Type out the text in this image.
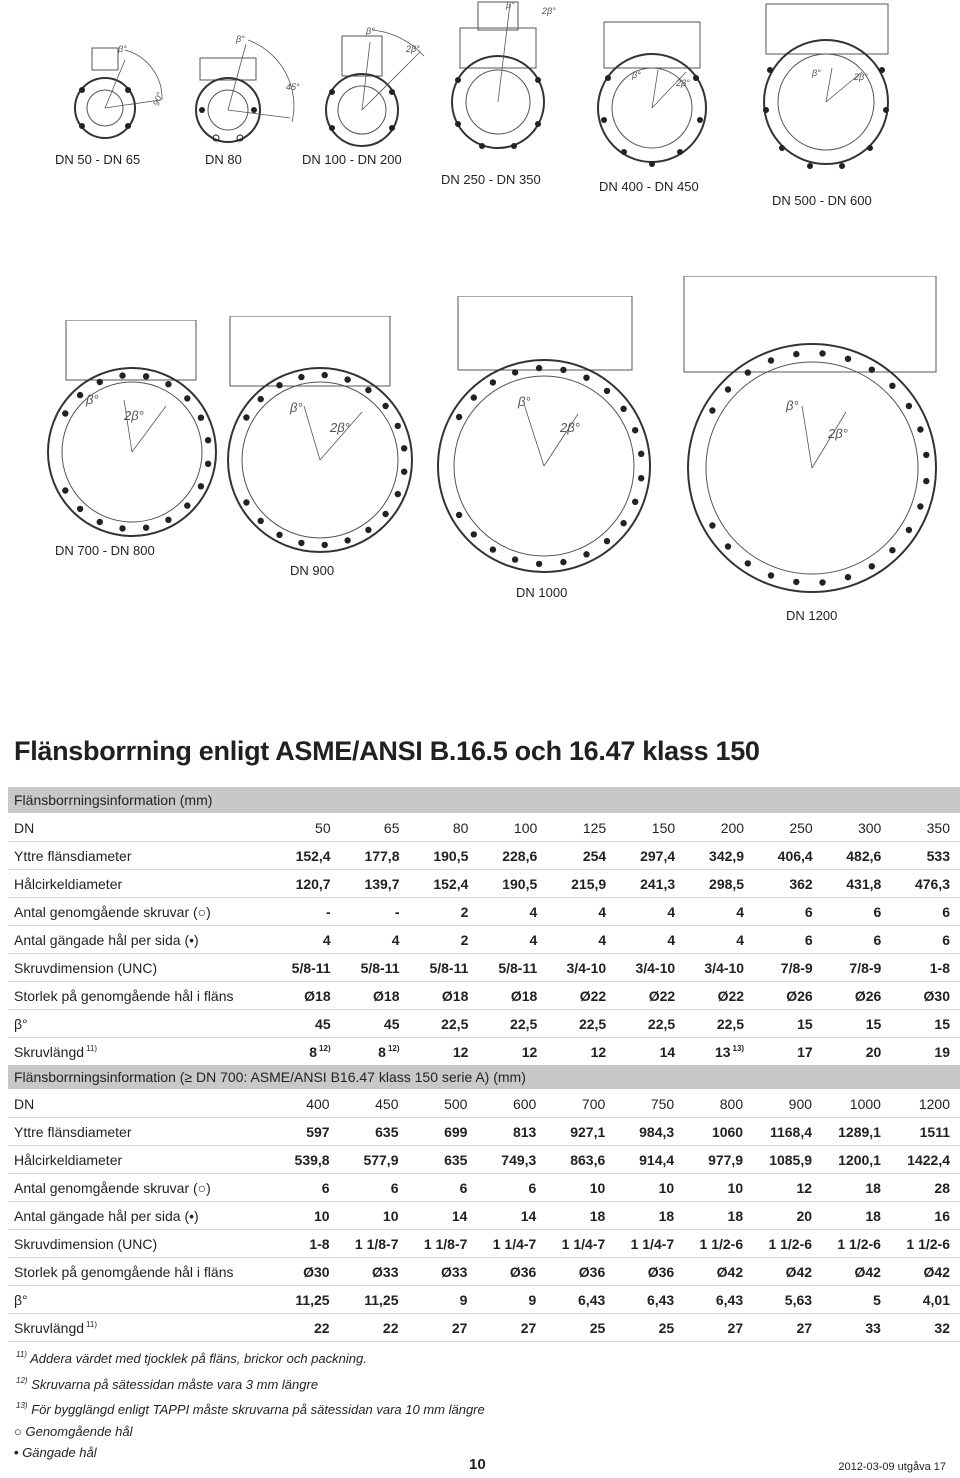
β°
90°
β°
45°
β°
2β°
β°
2β°
β°
2β°
β°	2β°
DN 50 - DN 65	DN 80	DN 100 - DN 200
DN 250 - DN 350	DN 400 - DN 450
DN 500 - DN 600
β°
2β°
β°
2β°
β°
2β°
β°
2β°
DN 700 - DN 800
DN 900
DN 1000
DN 1200
Flänsborrning enligt ASME/ANSI B.16.5 och 16.47 klass 150
Flänsborrningsinformation (mm)										
DN	50	65	80	100	125	150	200	250	300	350
Yttre flänsdiameter	152,4	177,8	190,5	228,6	254	297,4	342,9	406,4	482,6	533
Hålcirkeldiameter	120,7	139,7	152,4	190,5	215,9	241,3	298,5	362	431,8	476,3
Antal genomgående skruvar (○)	-	-	2	4	4	4	4	6	6	6
Antal gängade hål per sida (•)	4	4	2	4	4	4	4	6	6	6
Skruvdimension (UNC)	5/8-11	5/8-11	5/8-11	5/8-11	3/4-10	3/4-10	3/4-10	7/8-9	7/8-9	1-8
Storlek på genomgående hål i fläns	Ø18	Ø18	Ø18	Ø18	Ø22	Ø22	Ø22	Ø26	Ø26	Ø30
β°	45	45	22,5	22,5	22,5	22,5	22,5	15	15	15
Skruvlängd $^{11)}$	8 $^{12)}$	8 $^{12)}$	12	12	12	14	13 $^{13)}$	17	20	19
Flänsborrningsinformation (≥ DN 700: ASME/ANSI B16.47 klass 150 serie A) (mm)										
DN	400	450	500	600	700	750	800	900	1000	1200
Yttre flänsdiameter	597	635	699	813	927,1	984,3	1060	1168,4	1289,1	1511
Hålcirkeldiameter	539,8	577,9	635	749,3	863,6	914,4	977,9	1085,9	1200,1	1422,4
Antal genomgående skruvar (○)	6	6	6	6	10	10	10	12	18	28
Antal gängade hål per sida (•)	10	10	14	14	18	18	18	20	18	16
Skruvdimension (UNC)	1-8	1 1/8-7	1 1/8-7	1 1/4-7	1 1/4-7	1 1/4-7	1 1/2-6	1 1/2-6	1 1/2-6	1 1/2-6
Storlek på genomgående hål i fläns	Ø30	Ø33	Ø33	Ø36	Ø36	Ø36	Ø42	Ø42	Ø42	Ø42
β°	11,25	11,25	9	9	6,43	6,43	6,43	5,63	5	4,01
Skruvlängd $^{11)}$	22	22	27	27	25	25	27	27	33	32
$^{11)}$ Addera värdet med tjocklek på fläns, brickor och packning.
$^{12)}$ Skruvarna på sätessidan måste vara 3 mm längre
$^{13)}$ För bygglängd enligt TAPPI måste skruvarna på sätessidan vara 10 mm längre
○ Genomgående hål
• Gängade hål
10	2012-03-09 utgåva 17
